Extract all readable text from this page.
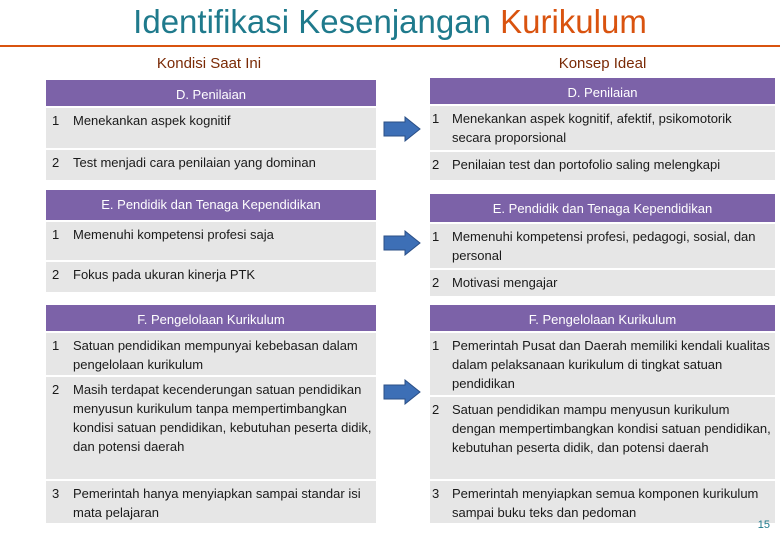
Identifikasi Kesenjangan Kurikulum
Kondisi Saat Ini	Konsep Ideal
D. Penilaian	D. Penilaian
1	Menekankan aspek kognitif
2	Test menjadi cara penilaian yang dominan
1 Menekankan aspek kognitif, afektif, psikomotorik secara proporsional
2 Penilaian test dan portofolio saling melengkapi
E. Pendidik dan Tenaga Kependidikan	E. Pendidik dan Tenaga Kependidikan
1	Memenuhi kompetensi profesi saja
2	Fokus pada ukuran kinerja PTK
1 Memenuhi kompetensi profesi, pedagogi, sosial, dan personal
2 Motivasi mengajar
F. Pengelolaan Kurikulum	F. Pengelolaan Kurikulum
1	Satuan pendidikan mempunyai kebebasan dalam pengelolaan kurikulum
2	Masih terdapat kecenderungan satuan pendidikan menyusun kurikulum tanpa mempertimbangkan kondisi satuan pendidikan, kebutuhan peserta didik, dan potensi daerah
3	Pemerintah hanya menyiapkan sampai standar isi mata pelajaran
1 Pemerintah Pusat dan Daerah memiliki kendali kualitas dalam pelaksanaan kurikulum di tingkat satuan pendidikan
2 Satuan pendidikan mampu menyusun kurikulum dengan mempertimbangkan kondisi satuan pendidikan, kebutuhan peserta didik, dan potensi daerah
3 Pemerintah menyiapkan semua komponen kurikulum sampai buku teks dan pedoman
15
